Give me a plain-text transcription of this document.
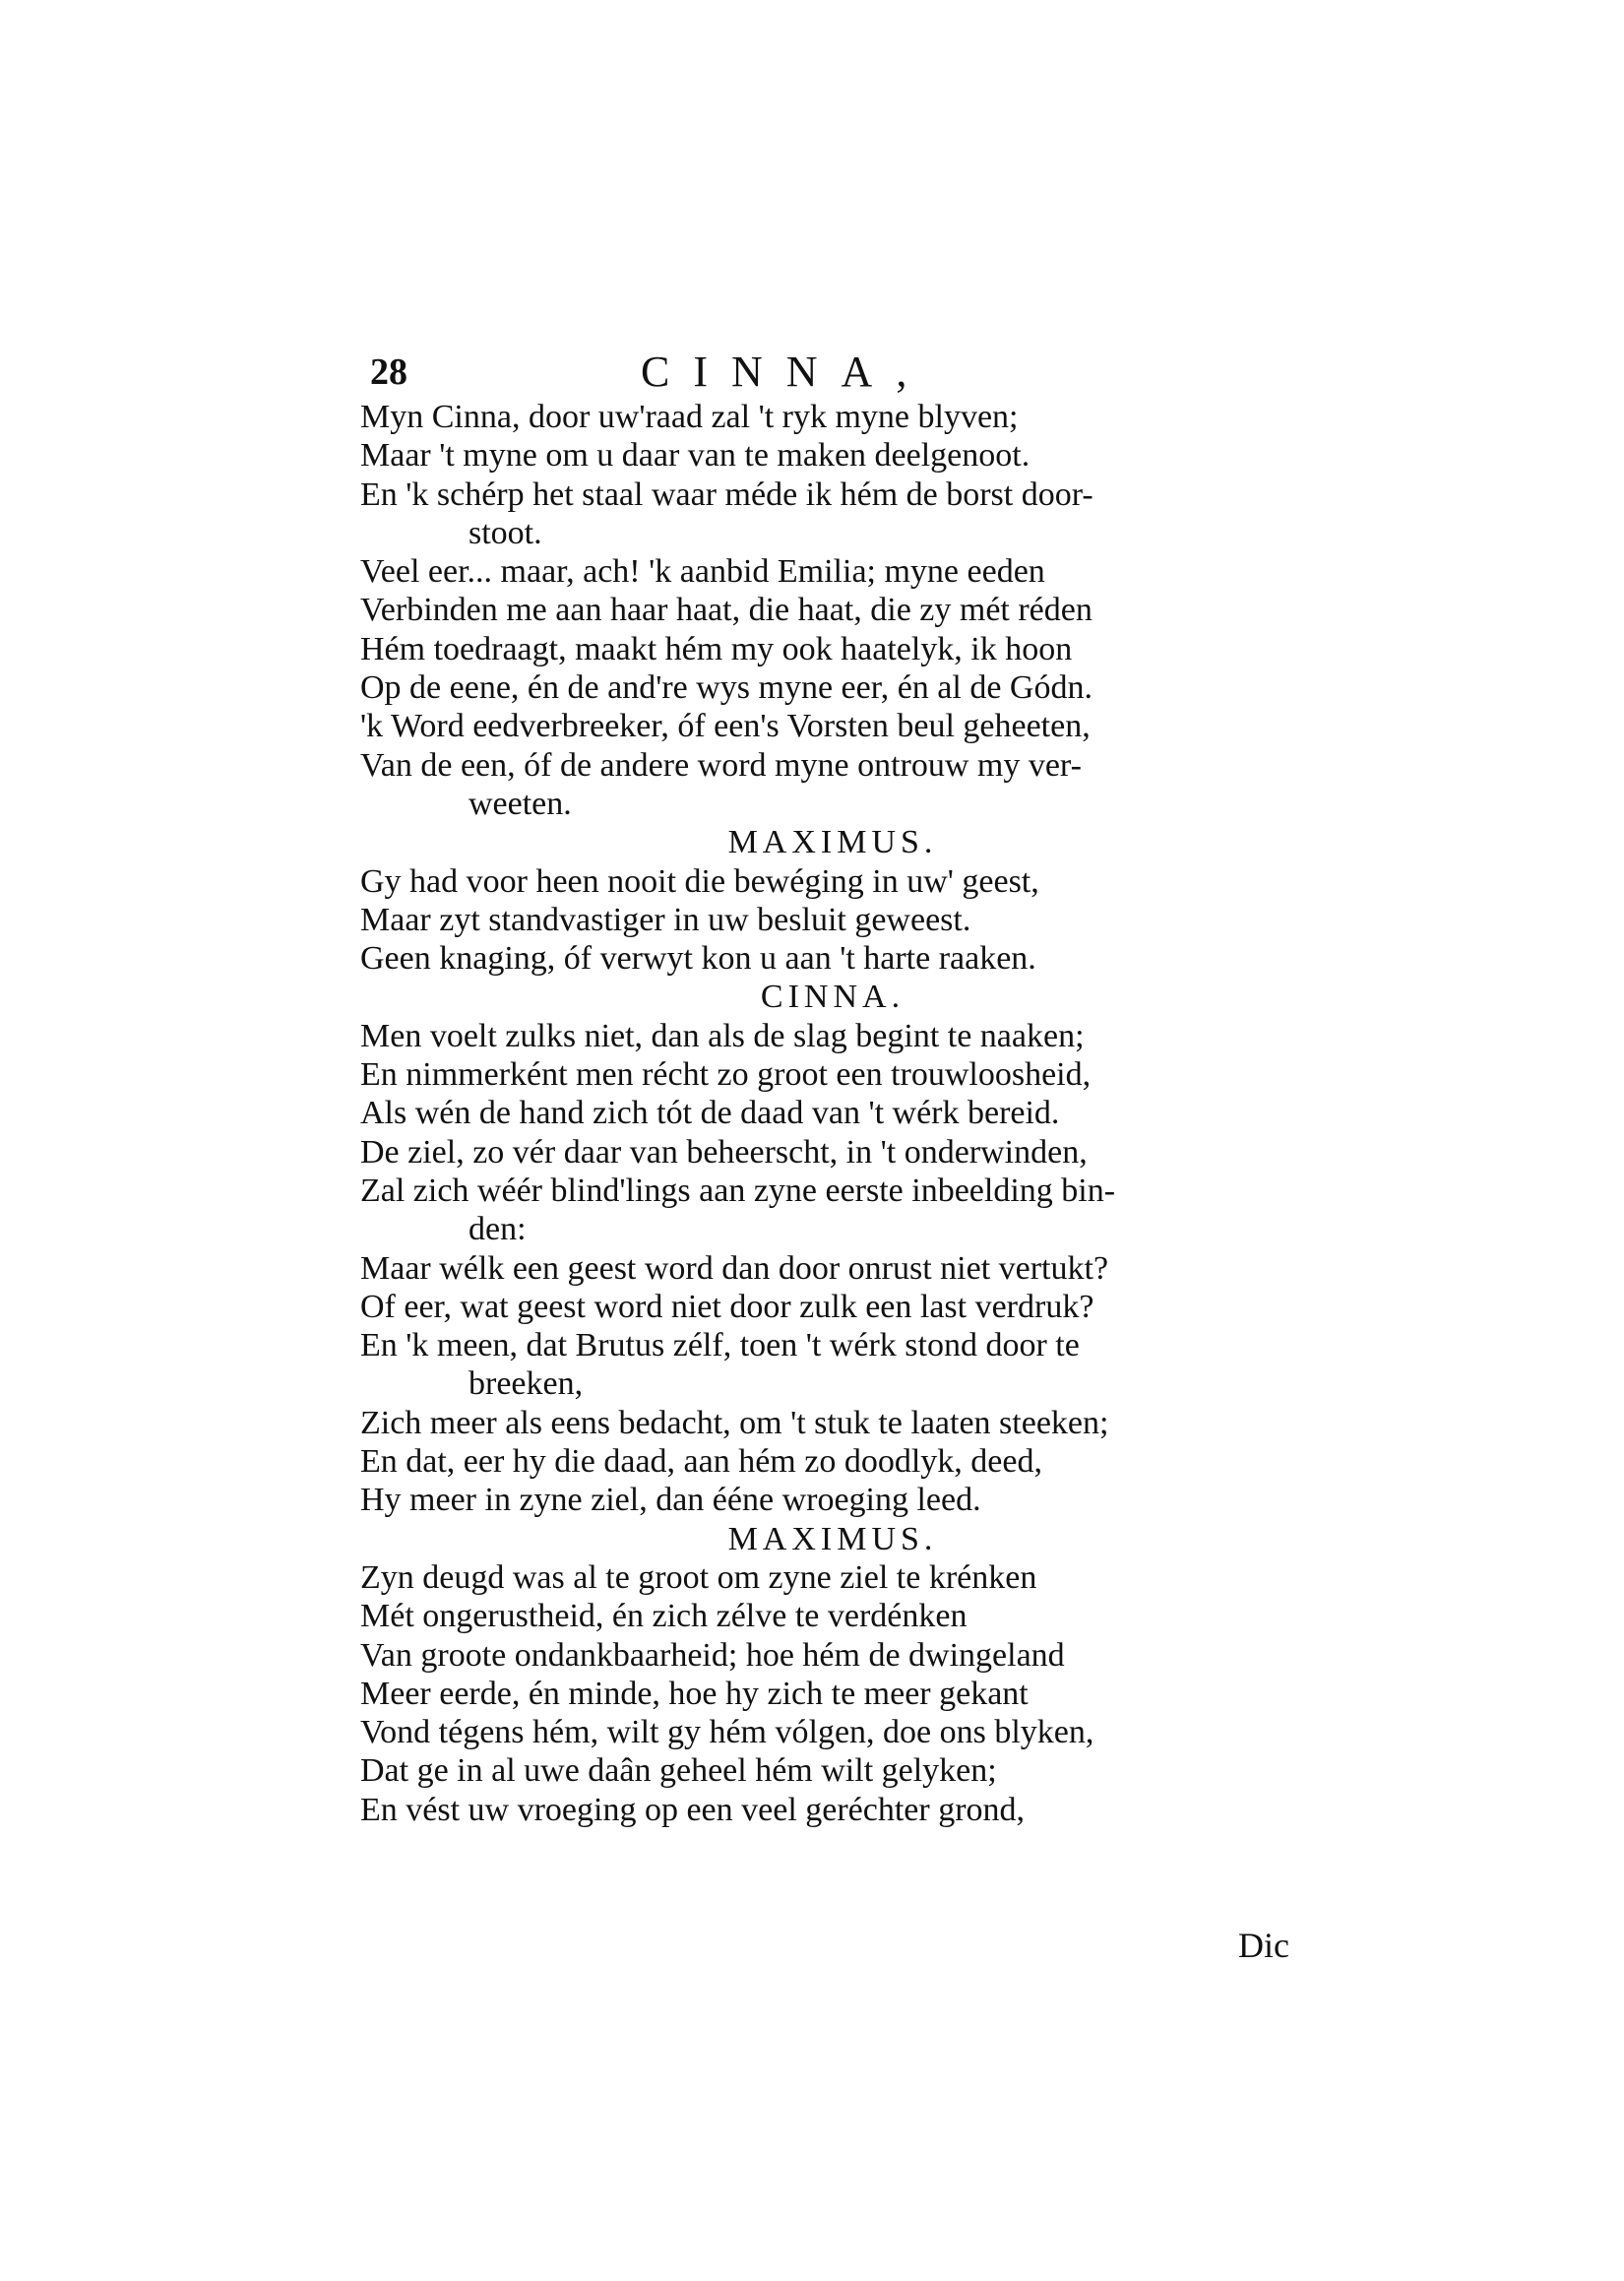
28	CINNA,
Myn Cinna, door uw'raad zal 't ryk myne blyven;
Maar 't myne om u daar van te maken deelgenoot.
En 'k schérp het staal waar méde ik hém de borst door-
stoot.
Veel eer... maar, ach! 'k aanbid Emilia; myne eeden
Verbinden me aan haar haat, die haat, die zy mét réden
Hém toedraagt, maakt hém my ook haatelyk, ik hoon
Op de eene, én de and're wys myne eer, én al de Gódn.
'k Word eedverbreeker, óf een's Vorsten beul geheeten,
Van de een, óf de andere word myne ontrouw my ver-
weeten.
MAXIMUS.
Gy had voor heen nooit die bewéging in uw' geest,
Maar zyt standvastiger in uw besluit geweest.
Geen knaging, óf verwyt kon u aan 't harte raaken.
CINNA.
Men voelt zulks niet, dan als de slag begint te naaken;
En nimmerként men récht zo groot een trouwloosheid,
Als wén de hand zich tót de daad van 't wérk bereid.
De ziel, zo vér daar van beheerscht, in 't onderwinden,
Zal zich wéér blind'lings aan zyne eerste inbeelding bin-
den:
Maar wélk een geest word dan door onrust niet vertukt?
Of eer, wat geest word niet door zulk een last verdruk?
En 'k meen, dat Brutus zélf, toen 't wérk stond door te
breeken,
Zich meer als eens bedacht, om 't stuk te laaten steeken;
En dat, eer hy die daad, aan hém zo doodlyk, deed,
Hy meer in zyne ziel, dan ééne wroeging leed.
MAXIMUS.
Zyn deugd was al te groot om zyne ziel te krénken
Mét ongerustheid, én zich zélve te verdénken
Van groote ondankbaarheid; hoe hém de dwingeland
Meer eerde, én minde, hoe hy zich te meer gekant
Vond tégens hém, wilt gy hém vólgen, doe ons blyken,
Dat ge in al uwe daân geheel hém wilt gelyken;
En vést uw vroeging op een veel geréchter grond,
Dic
